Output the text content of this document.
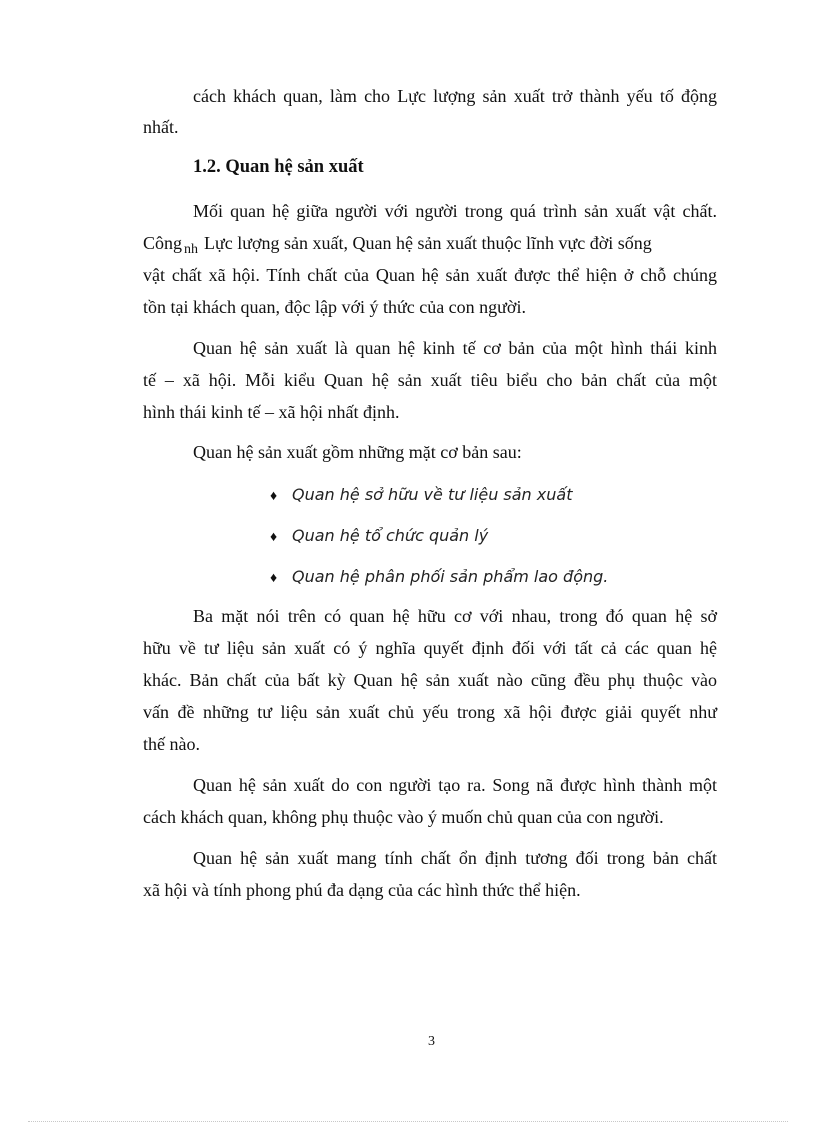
cách khách quan, làm cho Lực lượng sản xuất trở thành yếu tố động
nhất.
1.2. Quan hệ sản xuất
Mối quan hệ giữa người với người trong quá trình sản xuất vật chất.
Công $_{nh}$ Lực lượng sản xuất, Quan hệ sản xuất thuộc lĩnh vực đời sống
vật chất xã hội. Tính chất của Quan hệ sản xuất được thể hiện ở chỗ chúng
tồn tại khách quan, độc lập với ý thức của con người.
Quan hệ sản xuất là quan hệ kinh tế cơ bản của một hình thái kinh
tế – xã hội. Mỗi kiểu Quan hệ sản xuất tiêu biểu cho bản chất của một
hình thái kinh tế – xã hội nhất định.
Quan hệ sản xuất gồm những mặt cơ bản sau:
♦ Quan hệ sở hữu về tư liệu sản xuất
♦ Quan hệ tổ chức quản lý
♦ Quan hệ phân phối sản phẩm lao động.
Ba mặt nói trên có quan hệ hữu cơ với nhau, trong đó quan hệ sở
hữu về tư liệu sản xuất có ý nghĩa quyết định đối với tất cả các quan hệ
khác. Bản chất của bất kỳ Quan hệ sản xuất nào cũng đều phụ thuộc vào
vấn đề những tư liệu sản xuất chủ yếu trong xã hội được giải quyết như
thế nào.
Quan hệ sản xuất do con người tạo ra. Song nã được hình thành một
cách khách quan, không phụ thuộc vào ý muốn chủ quan của con người.
Quan hệ sản xuất mang tính chất ổn định tương đối trong bản chất
xã hội và tính phong phú đa dạng của các hình thức thể hiện.
3
